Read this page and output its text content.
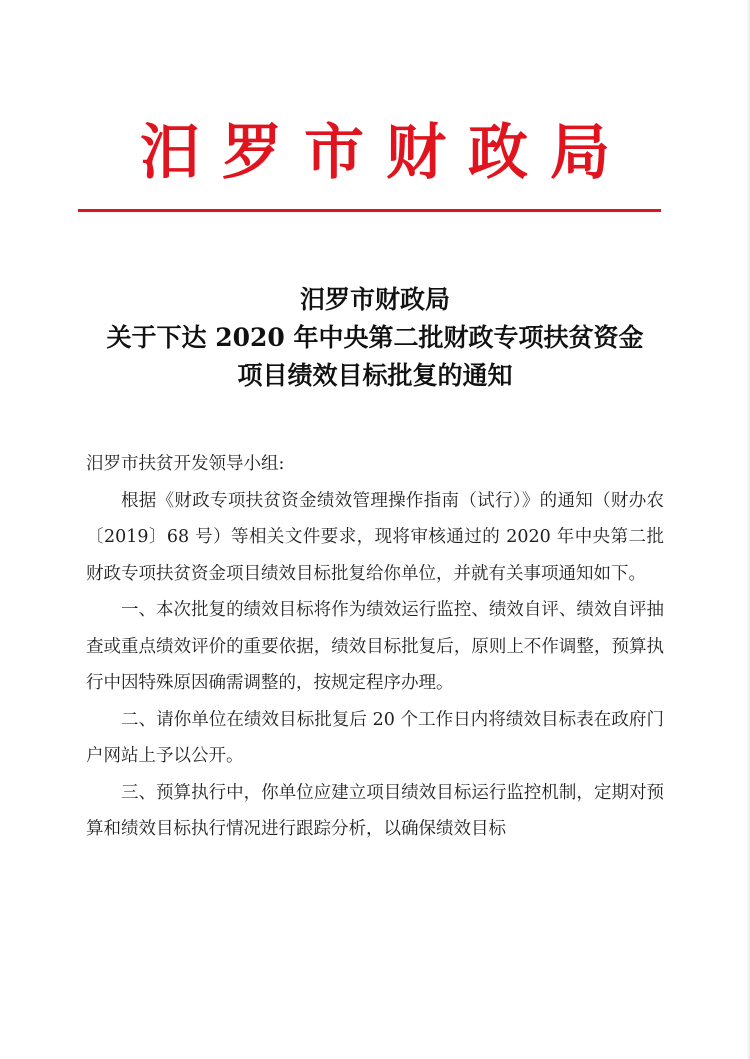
汨罗市财政局
汨罗市财政局
关于下达 2020 年中央第二批财政专项扶贫资金
项目绩效目标批复的通知

汨罗市扶贫开发领导小组:

根据《财政专项扶贫资金绩效管理操作指南（试行）》的通知（财办农〔2019〕68 号）等相关文件要求，现将审核通过的 2020 年中央第二批财政专项扶贫资金项目绩效目标批复给你单位，并就有关事项通知如下。

一、本次批复的绩效目标将作为绩效运行监控、绩效自评、绩效自评抽查或重点绩效评价的重要依据，绩效目标批复后，原则上不作调整，预算执行中因特殊原因确需调整的，按规定程序办理。

二、请你单位在绩效目标批复后 20 个工作日内将绩效目标表在政府门户网站上予以公开。

三、预算执行中，你单位应建立项目绩效目标运行监控机制，定期对预算和绩效目标执行情况进行跟踪分析，以确保绩效目标
